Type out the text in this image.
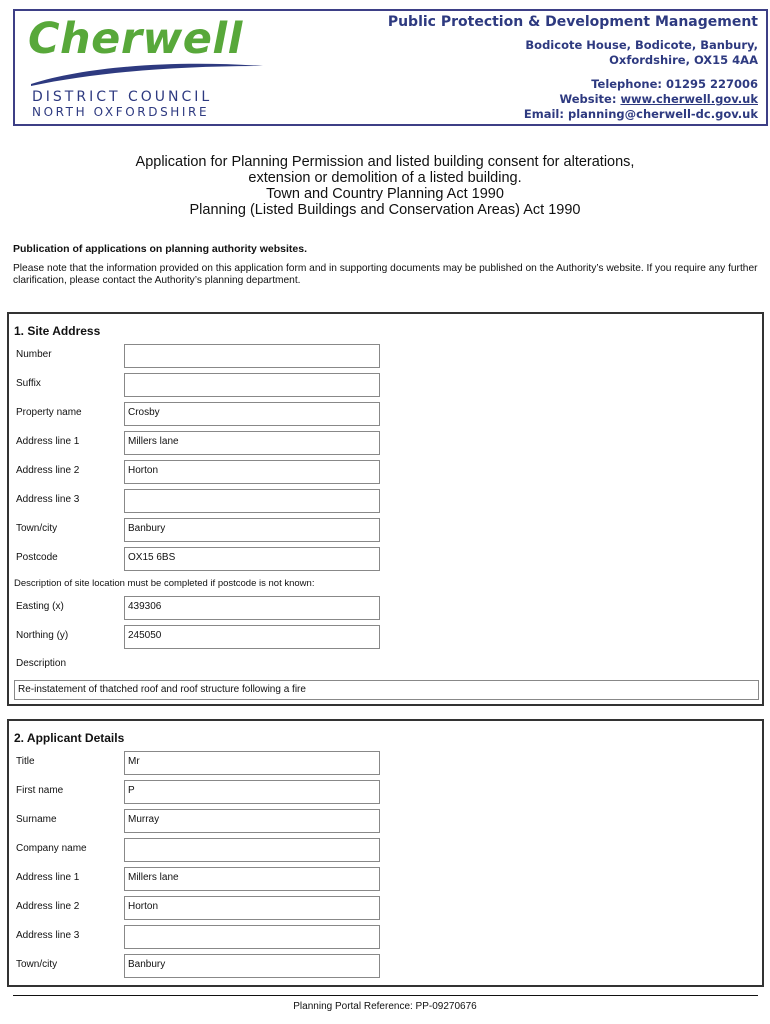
Cherwell
DISTRICT COUNCIL
NORTH OXFORDSHIRE
Public Protection & Development Management
Bodicote House, Bodicote, Banbury,
Oxfordshire, OX15 4AA
Telephone: 01295 227006
Website: www.cherwell.gov.uk
Email: planning@cherwell-dc.gov.uk
Application for Planning Permission and listed building consent for alterations,
extension or demolition of a listed building.
Town and Country Planning Act 1990
Planning (Listed Buildings and Conservation Areas) Act 1990
Publication of applications on planning authority websites.
Please note that the information provided on this application form and in supporting documents may be published on the Authority’s website. If you require any further clarification, please contact the Authority’s planning department.
1. Site Address
Number
Suffix
Property name	Crosby
Address line 1	Millers lane
Address line 2	Horton
Address line 3
Town/city	Banbury
Postcode	OX15 6BS
Description of site location must be completed if postcode is not known:
Easting (x)	439306
Northing (y)	245050
Description
Re-instatement of thatched roof and roof structure following a fire
2. Applicant Details
Title	Mr
First name	P
Surname	Murray
Company name
Address line 1	Millers lane
Address line 2	Horton
Address line 3
Town/city	Banbury
Planning Portal Reference: PP-09270676
